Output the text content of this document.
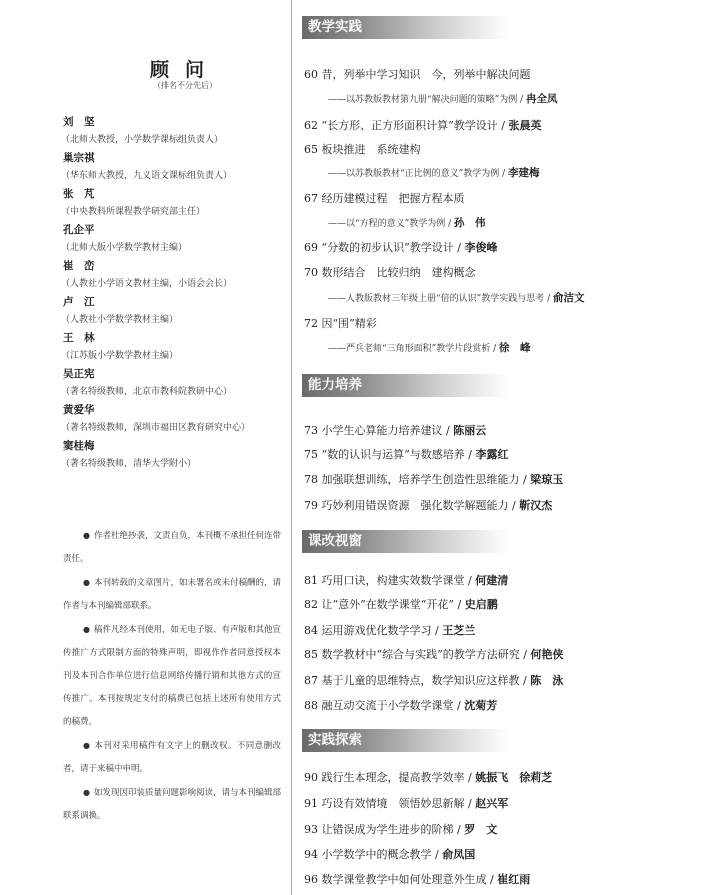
顾问
（排名不分先后）
刘　坚
（北师大教授，小学数学课标组负责人）
巢宗祺
（华东师大教授，九义语文课标组负责人）
张　芃
（中央教科所课程教学研究部主任）
孔企平
（北师大版小学数学教材主编）
崔　峦
（人教社小学语文教材主编，小语会会长）
卢　江
（人教社小学数学教材主编）
王　林
（江苏版小学数学教材主编）
吴正宪
（著名特级教师，北京市教科院教研中心）
黄爱华
（著名特级教师，深圳市福田区教育研究中心）
窦桂梅
（著名特级教师，清华大学附小）

● 作者杜绝抄袭，文责自负，本刊概不承担任何连带责任。

● 本刊转载的文章图片，如未署名或未付稿酬的，请作者与本刊编辑部联系。

● 稿件凡经本刊使用，如无电子版、有声版和其他宣传推广方式限制方面的特殊声明，即视作作者同意授权本刊及本刊合作单位进行信息网络传播行销和其他方式的宣传推广。本刊按规定支付的稿费已包括上述所有使用方式的稿费。

● 本刊对采用稿件有文字上的删改权。不同意删改者，请于来稿中申明。

● 如发现因印装质量问题影响阅读，请与本刊编辑部联系调换。

教学实践
60 昔，列举中学习知识　今，列举中解决问题
——以苏教版教材第九册“解决问题的策略”为例 / 冉全凤
62 “长方形、正方形面积计算”教学设计 / 张晨英
65 板块推进　系统建构
——以苏教版教材“正比例的意义”教学为例 / 李建梅
67 经历建模过程　把握方程本质
——以“方程的意义”教学为例 / 孙　伟
69 “分数的初步认识”教学设计 / 李俊峰
70 数形结合　比较归纳　建构概念
——人教版教材三年级上册“倍的认识”教学实践与思考 / 俞洁文
72 因“围”精彩
——严兵老师“三角形面积”教学片段赏析 / 徐　峰
能力培养
73 小学生心算能力培养建议 / 陈丽云
75 “数的认识与运算”与数感培养 / 李露红
78 加强联想训练，培养学生创造性思维能力 / 梁琼玉
79 巧妙利用错误资源　强化数学解题能力 / 靳汉杰
课改视窗
81 巧用口诀，构建实效数学课堂 / 何建清
82 让“意外”在数学课堂“开花” / 史启鹏
84 运用游戏优化数学学习 / 王芝兰
85 数学教材中“综合与实践”的教学方法研究 / 何艳侠
87 基于儿童的思维特点，数学知识应这样教 / 陈　泳
88 融互动交流于小学数学课堂 / 沈菊芳
实践探索
90 践行生本理念，提高教学效率 / 姚振飞　徐莉芝
91 巧设有效情境　领悟妙思新解 / 赵兴军
93 让错误成为学生进步的阶梯 / 罗　文
94 小学数学中的概念教学 / 俞凤国
96 数学课堂教学中如何处理意外生成 / 崔红雨
